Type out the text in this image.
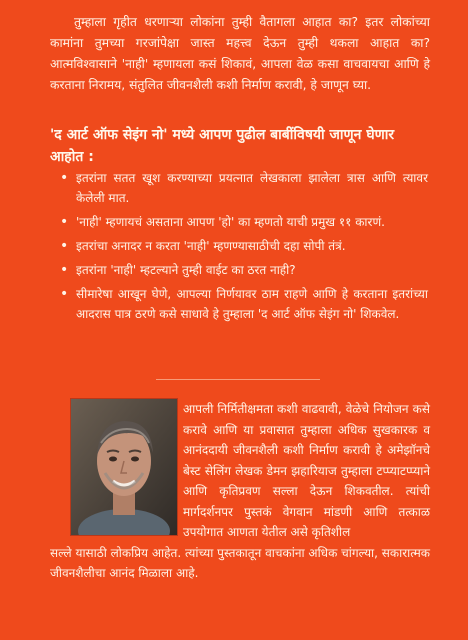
तुम्हाला गृहीत धरणाऱ्या लोकांना तुम्ही वैतागला आहात का? इतर लोकांच्या कामांना तुमच्या गरजांपेक्षा जास्त महत्त्व देऊन तुम्ही थकला आहात का? आत्मविश्वासाने 'नाही' म्हणायला कसं शिकावं, आपला वेळ कसा वाचवायचा आणि हे करताना निरामय, संतुलित जीवनशैली कशी निर्माण करावी, हे जाणून घ्या.

'द आर्ट ऑफ सेइंग नो' मध्ये आपण पुढील बाबींविषयी जाणून घेणार आहोत :

• इतरांना सतत खूश करण्याच्या प्रयत्नात लेखकाला झालेला त्रास आणि त्यावर केलेली मात.
• 'नाही' म्हणायचं असताना आपण 'हो' का म्हणतो याची प्रमुख ११ कारणं.
• इतरांचा अनादर न करता 'नाही' म्हणण्यासाठीची दहा सोपी तंत्रं.
• इतरांना 'नाही' म्हटल्याने तुम्ही वाईट का ठरत नाही?
• सीमारेषा आखून घेणे, आपल्या निर्णयावर ठाम राहणे आणि हे करताना इतरांच्या आदरास पात्र ठरणे कसे साधावे हे तुम्हाला 'द आर्ट ऑफ सेइंग नो' शिकवेल.
आपली निर्मितीक्षमता कशी वाढवावी, वेळेचे नियोजन कसे करावे आणि या प्रवासात तुम्हाला अधिक सुखकारक व आनंददायी जीवनशैली कशी निर्माण करावी हे अमेझॉनचे बेस्ट सेलिंग लेखक डेमन झहारियाज तुम्हाला टप्प्याटप्प्याने आणि कृतिप्रवण सल्ला देऊन शिकवतील. त्यांची मार्गदर्शनपर पुस्तकं वेगवान मांडणी आणि तत्काळ उपयोगात आणता येतील असे कृतिशील
सल्ले यासाठी लोकप्रिय आहेत. त्यांच्या पुस्तकातून वाचकांना अधिक चांगल्या, सकारात्मक जीवनशैलीचा आनंद मिळाला आहे.
